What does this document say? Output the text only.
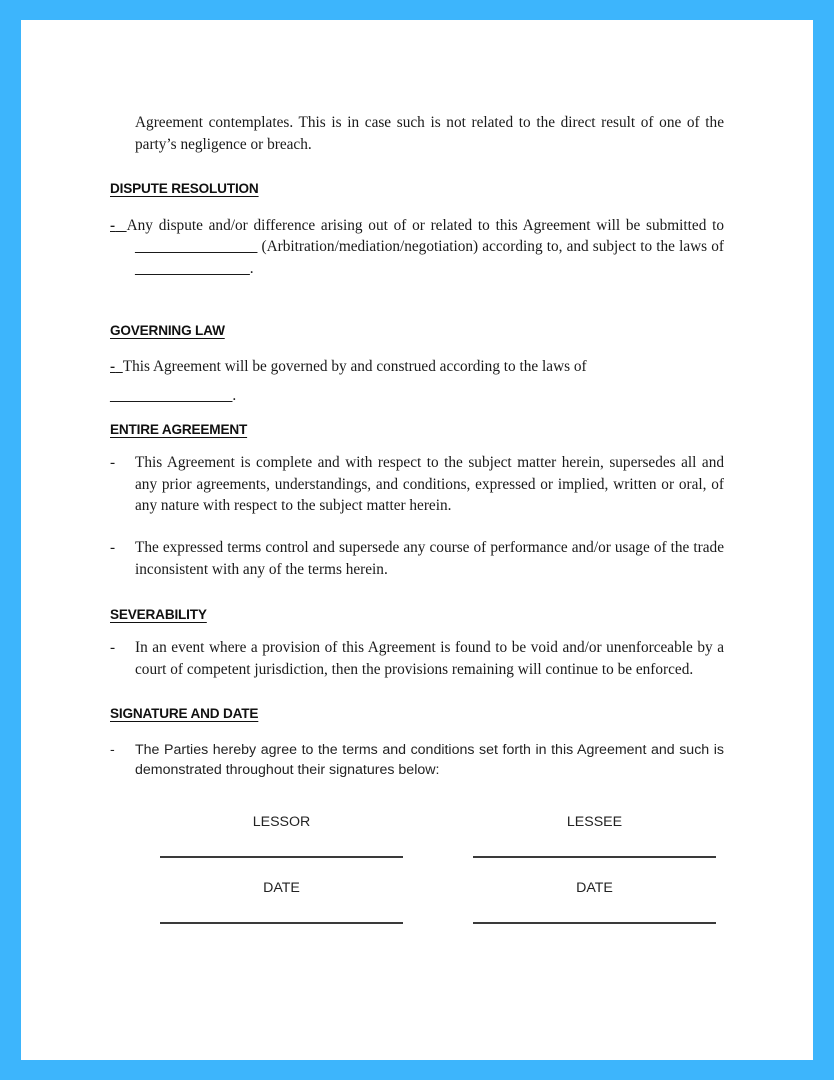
Agreement contemplates. This is in case such is not related to the direct result of one of the party’s negligence or breach.

DISPUTE RESOLUTION

- Any dispute and/or difference arising out of or related to this Agreement will be submitted to ________________ (Arbitration/mediation/negotiation) according to, and subject to the laws of _______________.

GOVERNING LAW

- This Agreement will be governed by and construed according to the laws of

________________.

ENTIRE AGREEMENT

- This Agreement is complete and with respect to the subject matter herein, supersedes all and any prior agreements, understandings, and conditions, expressed or implied, written or oral, of any nature with respect to the subject matter herein.

- The expressed terms control and supersede any course of performance and/or usage of the trade inconsistent with any of the terms herein.

SEVERABILITY

- In an event where a provision of this Agreement is found to be void and/or unenforceable by a court of competent jurisdiction, then the provisions remaining will continue to be enforced.

SIGNATURE AND DATE

- The Parties hereby agree to the terms and conditions set forth in this Agreement and such is demonstrated throughout their signatures below:

LESSOR	LESSEE
DATE	DATE
